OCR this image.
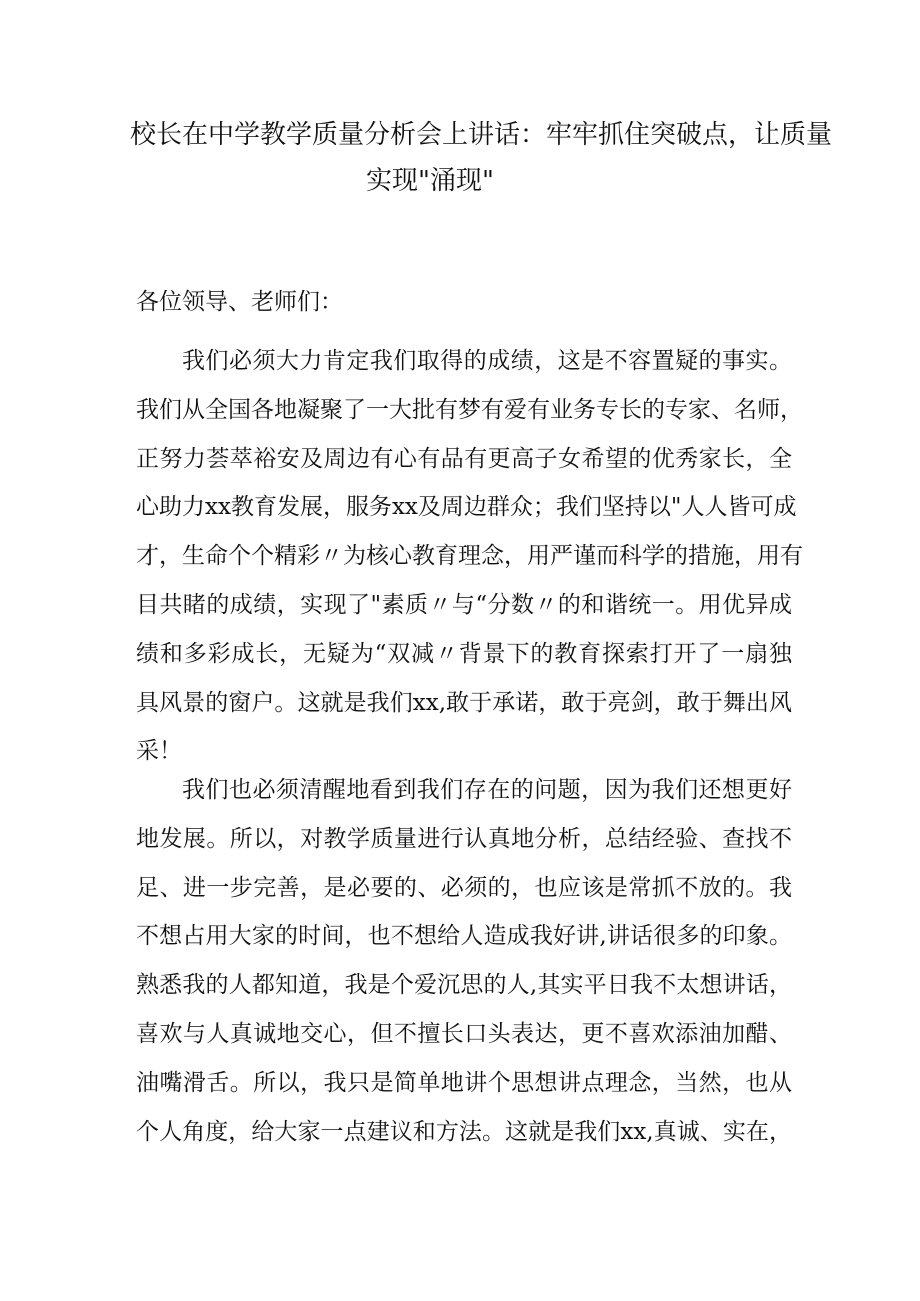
校长在中学教学质量分析会上讲话：牢牢抓住突破点，让质量
实现"涌现"
各位领导、老师们：
我们必须大力肯定我们取得的成绩，这是不容置疑的事实。
我们从全国各地凝聚了一大批有梦有爱有业务专长的专家、名师，
正努力荟萃裕安及周边有心有品有更高子女希望的优秀家长，全
心助力xx教育发展，服务xx及周边群众；我们坚持以"人人皆可成
才，生命个个精彩〃为核心教育理念，用严谨而科学的措施，用有
目共睹的成绩，实现了"素质〃与“分数〃的和谐统一。用优异成
绩和多彩成长，无疑为“双减〃背景下的教育探索打开了一扇独
具风景的窗户。这就是我们xx,敢于承诺，敢于亮剑，敢于舞出风
采！
我们也必须清醒地看到我们存在的问题，因为我们还想更好
地发展。所以，对教学质量进行认真地分析，总结经验、查找不
足、进一步完善，是必要的、必须的，也应该是常抓不放的。我
不想占用大家的时间，也不想给人造成我好讲,讲话很多的印象。
熟悉我的人都知道，我是个爱沉思的人,其实平日我不太想讲话，
喜欢与人真诚地交心，但不擅长口头表达，更不喜欢添油加醋、
油嘴滑舌。所以，我只是简单地讲个思想讲点理念，当然，也从
个人角度，给大家一点建议和方法。这就是我们xx,真诚、实在，
